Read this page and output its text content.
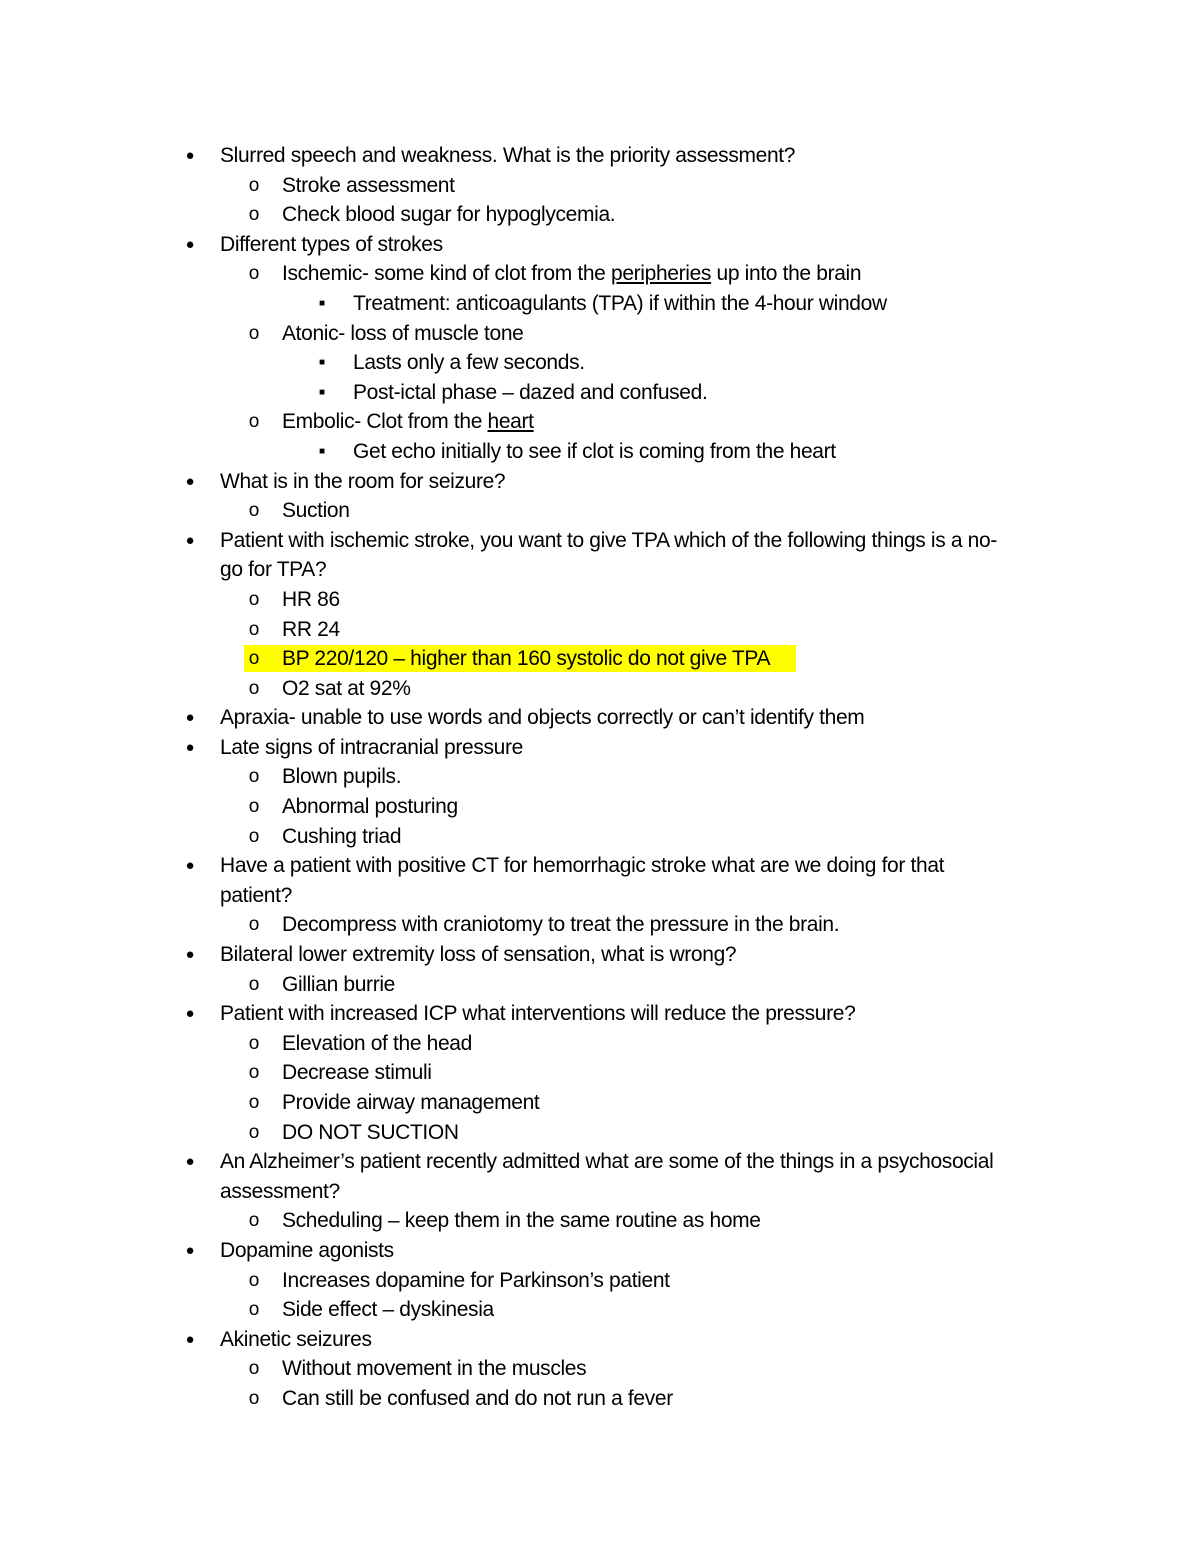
●
Slurred speech and weakness. What is the priority assessment?
o
Stroke assessment
o
Check blood sugar for hypoglycemia.
●
Different types of strokes
o
Ischemic- some kind of clot from the peripheries up into the brain
■
Treatment: anticoagulants (TPA) if within the 4-hour window
o
Atonic- loss of muscle tone
■
Lasts only a few seconds.
■
Post-ictal phase – dazed and confused.
o
Embolic- Clot from the heart
■
Get echo initially to see if clot is coming from the heart
●
What is in the room for seizure?
o
Suction
●
Patient with ischemic stroke, you want to give TPA which of the following things is a no-
go for TPA?
o
HR 86
o
RR 24
o
BP 220/120 – higher than 160 systolic do not give TPA
o
O2 sat at 92%
●
Apraxia- unable to use words and objects correctly or can’t identify them
●
Late signs of intracranial pressure
o
Blown pupils.
o
Abnormal posturing
o
Cushing triad
●
Have a patient with positive CT for hemorrhagic stroke what are we doing for that
patient?
o
Decompress with craniotomy to treat the pressure in the brain.
●
Bilateral lower extremity loss of sensation, what is wrong?
o
Gillian burrie
●
Patient with increased ICP what interventions will reduce the pressure?
o
Elevation of the head
o
Decrease stimuli
o
Provide airway management
o
DO NOT SUCTION
●
An Alzheimer’s patient recently admitted what are some of the things in a psychosocial
assessment?
o
Scheduling – keep them in the same routine as home
●
Dopamine agonists
o
Increases dopamine for Parkinson’s patient
o
Side effect – dyskinesia
●
Akinetic seizures
o
Without movement in the muscles
o
Can still be confused and do not run a fever
